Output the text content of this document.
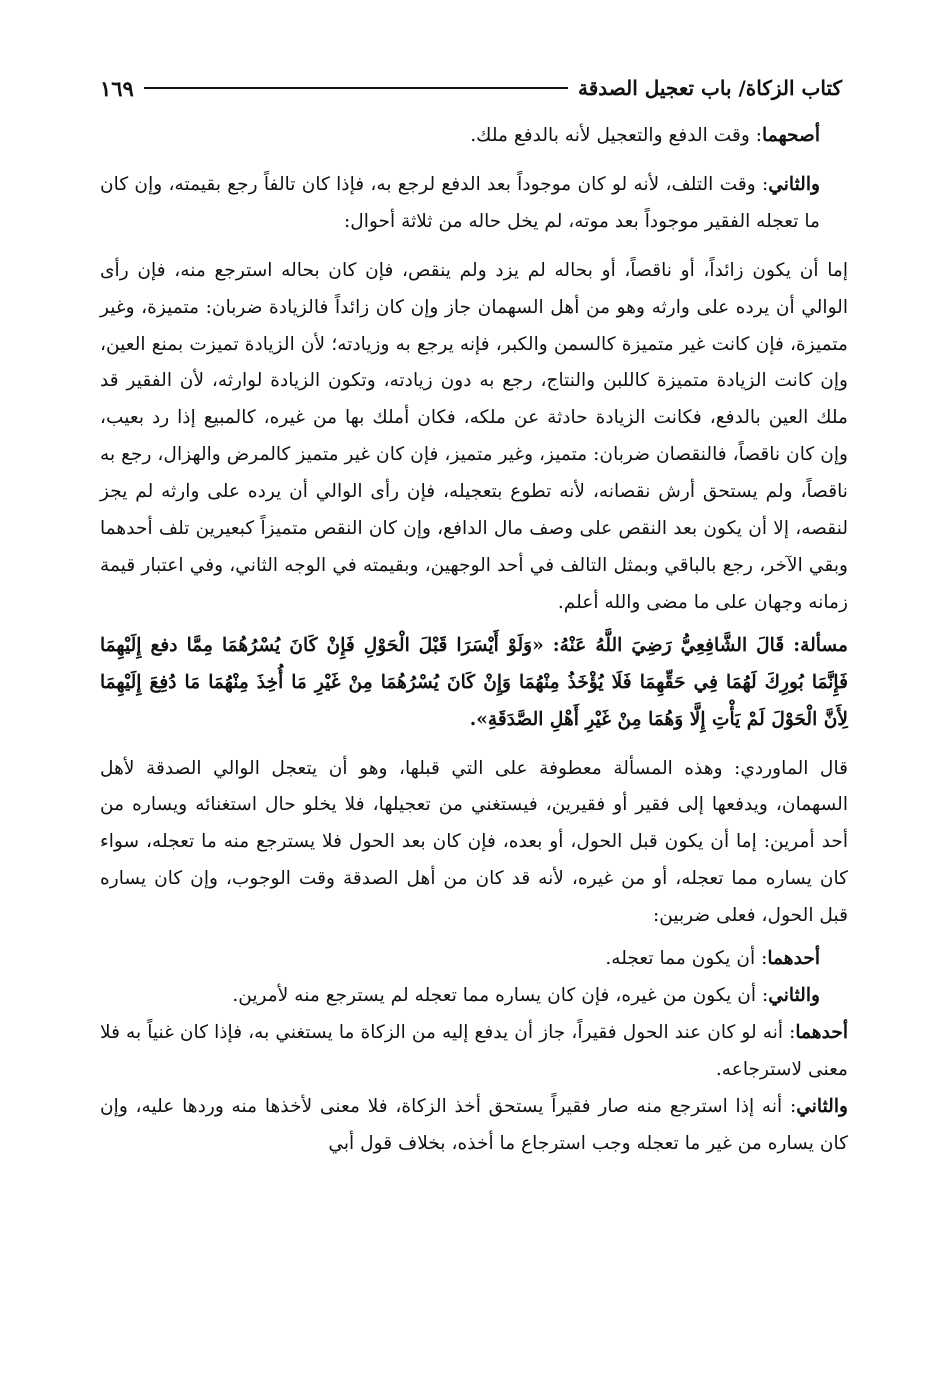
كتاب الزكاة/ باب تعجيل الصدقة
١٦٩

أصحهما: وقت الدفع والتعجيل لأنه بالدفع ملك.

والثاني: وقت التلف، لأنه لو كان موجوداً بعد الدفع لرجع به، فإذا كان تالفاً رجع بقيمته، وإن كان ما تعجله الفقير موجوداً بعد موته، لم يخل حاله من ثلاثة أحوال:

إما أن يكون زائداً، أو ناقصاً، أو بحاله لم يزد ولم ينقص، فإن كان بحاله استرجع منه، فإن رأى الوالي أن يرده على وارثه وهو من أهل السهمان جاز وإن كان زائداً فالزيادة ضربان: متميزة، وغير متميزة، فإن كانت غير متميزة كالسمن والكبر، فإنه يرجع به وزيادته؛ لأن الزيادة تميزت بمنع العين، وإن كانت الزيادة متميزة كاللبن والنتاج، رجع به دون زيادته، وتكون الزيادة لوارثه، لأن الفقير قد ملك العين بالدفع، فكانت الزيادة حادثة عن ملكه، فكان أملك بها من غيره، كالمبيع إذا رد بعيب، وإن كان ناقصاً، فالنقصان ضربان: متميز، وغير متميز، فإن كان غير متميز كالمرض والهزال، رجع به ناقصاً، ولم يستحق أرش نقصانه، لأنه تطوع بتعجيله، فإن رأى الوالي أن يرده على وارثه لم يجز لنقصه، إلا أن يكون بعد النقص على وصف مال الدافع، وإن كان النقص متميزاً كبعيرين تلف أحدهما وبقي الآخر، رجع بالباقي وبمثل التالف في أحد الوجهين، وبقيمته في الوجه الثاني، وفي اعتبار قيمة زمانه وجهان على ما مضى والله أعلم.

مسألة: قَالَ الشَّافِعِيُّ رَضِيَ اللَّهُ عَنْهُ: «وَلَوْ أَيْسَرَا قَبْلَ الْحَوْلِ فَإِنْ كَانَ يُسْرُهُمَا مِمَّا دفع إِلَيْهِمَا فَإِنَّمَا بُورِكَ لَهُمَا فِي حَقِّهِمَا فَلَا يُؤْخَذُ مِنْهُمَا وَإِنْ كَانَ يُسْرُهُمَا مِنْ غَيْرِ مَا أُخِذَ مِنْهُمَا مَا دُفِعَ إِلَيْهِمَا لِأَنَّ الْحَوْلَ لَمْ يَأْتِ إِلَّا وَهُمَا مِنْ غَيْرِ أَهْلِ الصَّدَقَةِ».

قال الماوردي: وهذه المسألة معطوفة على التي قبلها، وهو أن يتعجل الوالي الصدقة لأهل السهمان، ويدفعها إلى فقير أو فقيرين، فيستغني من تعجيلها، فلا يخلو حال استغنائه ويساره من أحد أمرين: إما أن يكون قبل الحول، أو بعده، فإن كان بعد الحول فلا يسترجع منه ما تعجله، سواء كان يساره مما تعجله، أو من غيره، لأنه قد كان من أهل الصدقة وقت الوجوب، وإن كان يساره قبل الحول، فعلى ضربين:

أحدهما: أن يكون مما تعجله.

والثاني: أن يكون من غيره، فإن كان يساره مما تعجله لم يسترجع منه لأمرين.

أحدهما: أنه لو كان عند الحول فقيراً، جاز أن يدفع إليه من الزكاة ما يستغني به، فإذا كان غنياً به فلا معنى لاسترجاعه.

والثاني: أنه إذا استرجع منه صار فقيراً يستحق أخذ الزكاة، فلا معنى لأخذها منه وردها عليه، وإن كان يساره من غير ما تعجله وجب استرجاع ما أخذه، بخلاف قول أبي
